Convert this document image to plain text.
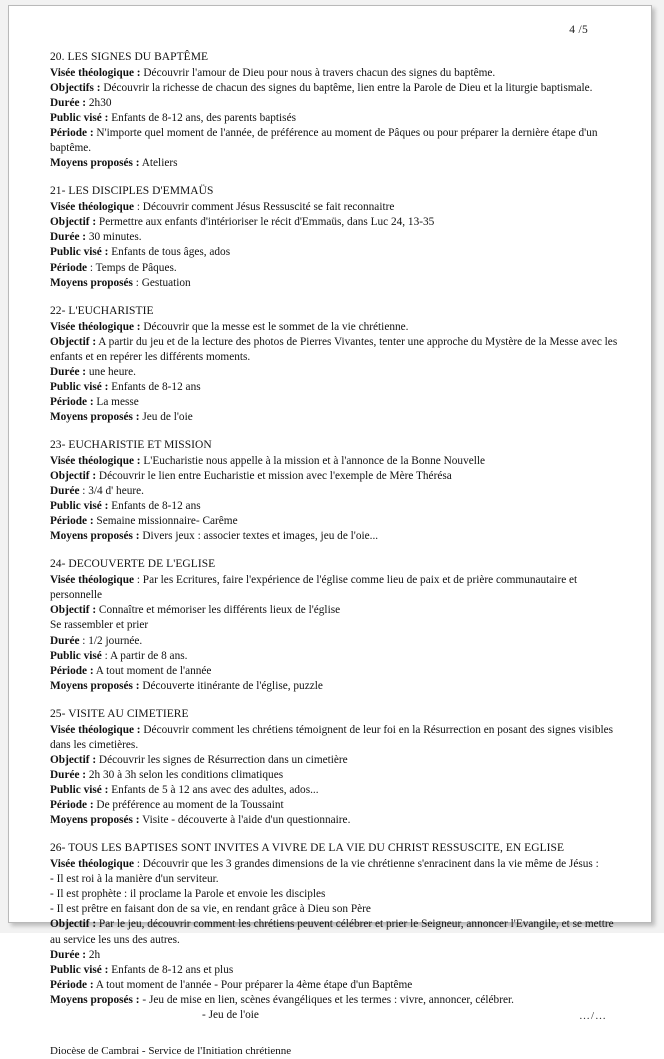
4 /5
20. LES SIGNES DU BAPTÊME

Visée théologique : Découvrir l'amour de Dieu pour nous à travers chacun des signes du baptême.

Objectifs : Découvrir la richesse de chacun des signes du baptême, lien entre la Parole de Dieu et la liturgie baptismale.

Durée : 2h30

Public visé : Enfants de 8-12 ans, des parents baptisés

Période : N'importe quel moment de l'année, de préférence au moment de Pâques ou pour préparer la dernière étape d'un baptême.

Moyens proposés : Ateliers

21- LES DISCIPLES D'EMMAÜS

Visée théologique : Découvrir comment Jésus Ressuscité se fait reconnaitre

Objectif : Permettre aux enfants d'intérioriser le récit d'Emmaüs, dans Luc 24, 13-35

Durée : 30 minutes.

Public visé : Enfants de tous âges, ados

Période : Temps de Pâques.

Moyens proposés : Gestuation

22- L'EUCHARISTIE

Visée théologique : Découvrir que la messe est le sommet de la vie chrétienne.

Objectif : A partir du jeu et de la lecture des photos de Pierres Vivantes, tenter une approche du Mystère de la Messe avec les enfants et en repérer les différents moments.

Durée : une heure.

Public visé : Enfants de 8-12 ans

Période : La messe

Moyens proposés : Jeu de l'oie

23- EUCHARISTIE ET MISSION

Visée théologique : L'Eucharistie nous appelle à la mission et à l'annonce de la Bonne Nouvelle

Objectif : Découvrir le lien entre Eucharistie et mission avec l'exemple de Mère Thérésa

Durée : 3/4 d' heure.

Public visé : Enfants de 8-12 ans

Période : Semaine missionnaire- Carême

Moyens proposés : Divers jeux : associer textes et images, jeu de l'oie...

24- DECOUVERTE DE L'EGLISE

Visée théologique : Par les Ecritures, faire l'expérience de l'église comme lieu de paix et de prière communautaire et personnelle

Objectif : Connaître et mémoriser les différents lieux de l'église

Se rassembler et prier

Durée : 1/2 journée.

Public visé : A partir de 8 ans.

Période : A tout moment de l'année

Moyens proposés : Découverte itinérante de l'église, puzzle

25- VISITE AU CIMETIERE

Visée théologique : Découvrir comment les chrétiens témoignent de leur foi en la Résurrection en posant des signes visibles dans les cimetières.

Objectif : Découvrir les signes de Résurrection dans un cimetière

Durée : 2h 30 à 3h selon les conditions climatiques

Public visé : Enfants de 5 à 12 ans avec des adultes, ados...

Période : De préférence au moment de la Toussaint

Moyens proposés : Visite - découverte à l'aide d'un questionnaire.

26- TOUS LES BAPTISES SONT INVITES A VIVRE DE LA VIE DU CHRIST RESSUSCITE, EN EGLISE

Visée théologique : Découvrir que les 3 grandes dimensions de la vie chrétienne s'enracinent dans la vie même de Jésus :

- Il est roi à la manière d'un serviteur.

- Il est prophète : il proclame la Parole et envoie les disciples

- Il est prêtre en faisant don de sa vie, en rendant grâce à Dieu son Père

Objectif : Par le jeu, découvrir comment les chrétiens peuvent célébrer et prier le Seigneur, annoncer l'Evangile, et se mettre au service les uns des autres.

Durée : 2h

Public visé : Enfants de 8-12 ans et plus

Période : A tout moment de l'année - Pour préparer la 4ème étape d'un Baptême

Moyens proposés : - Jeu de mise en lien, scènes évangéliques et les termes : vivre, annoncer, célébrer.

- Jeu de l'oie	…/…
Diocèse de Cambrai - Service de l'Initiation chrétienne
